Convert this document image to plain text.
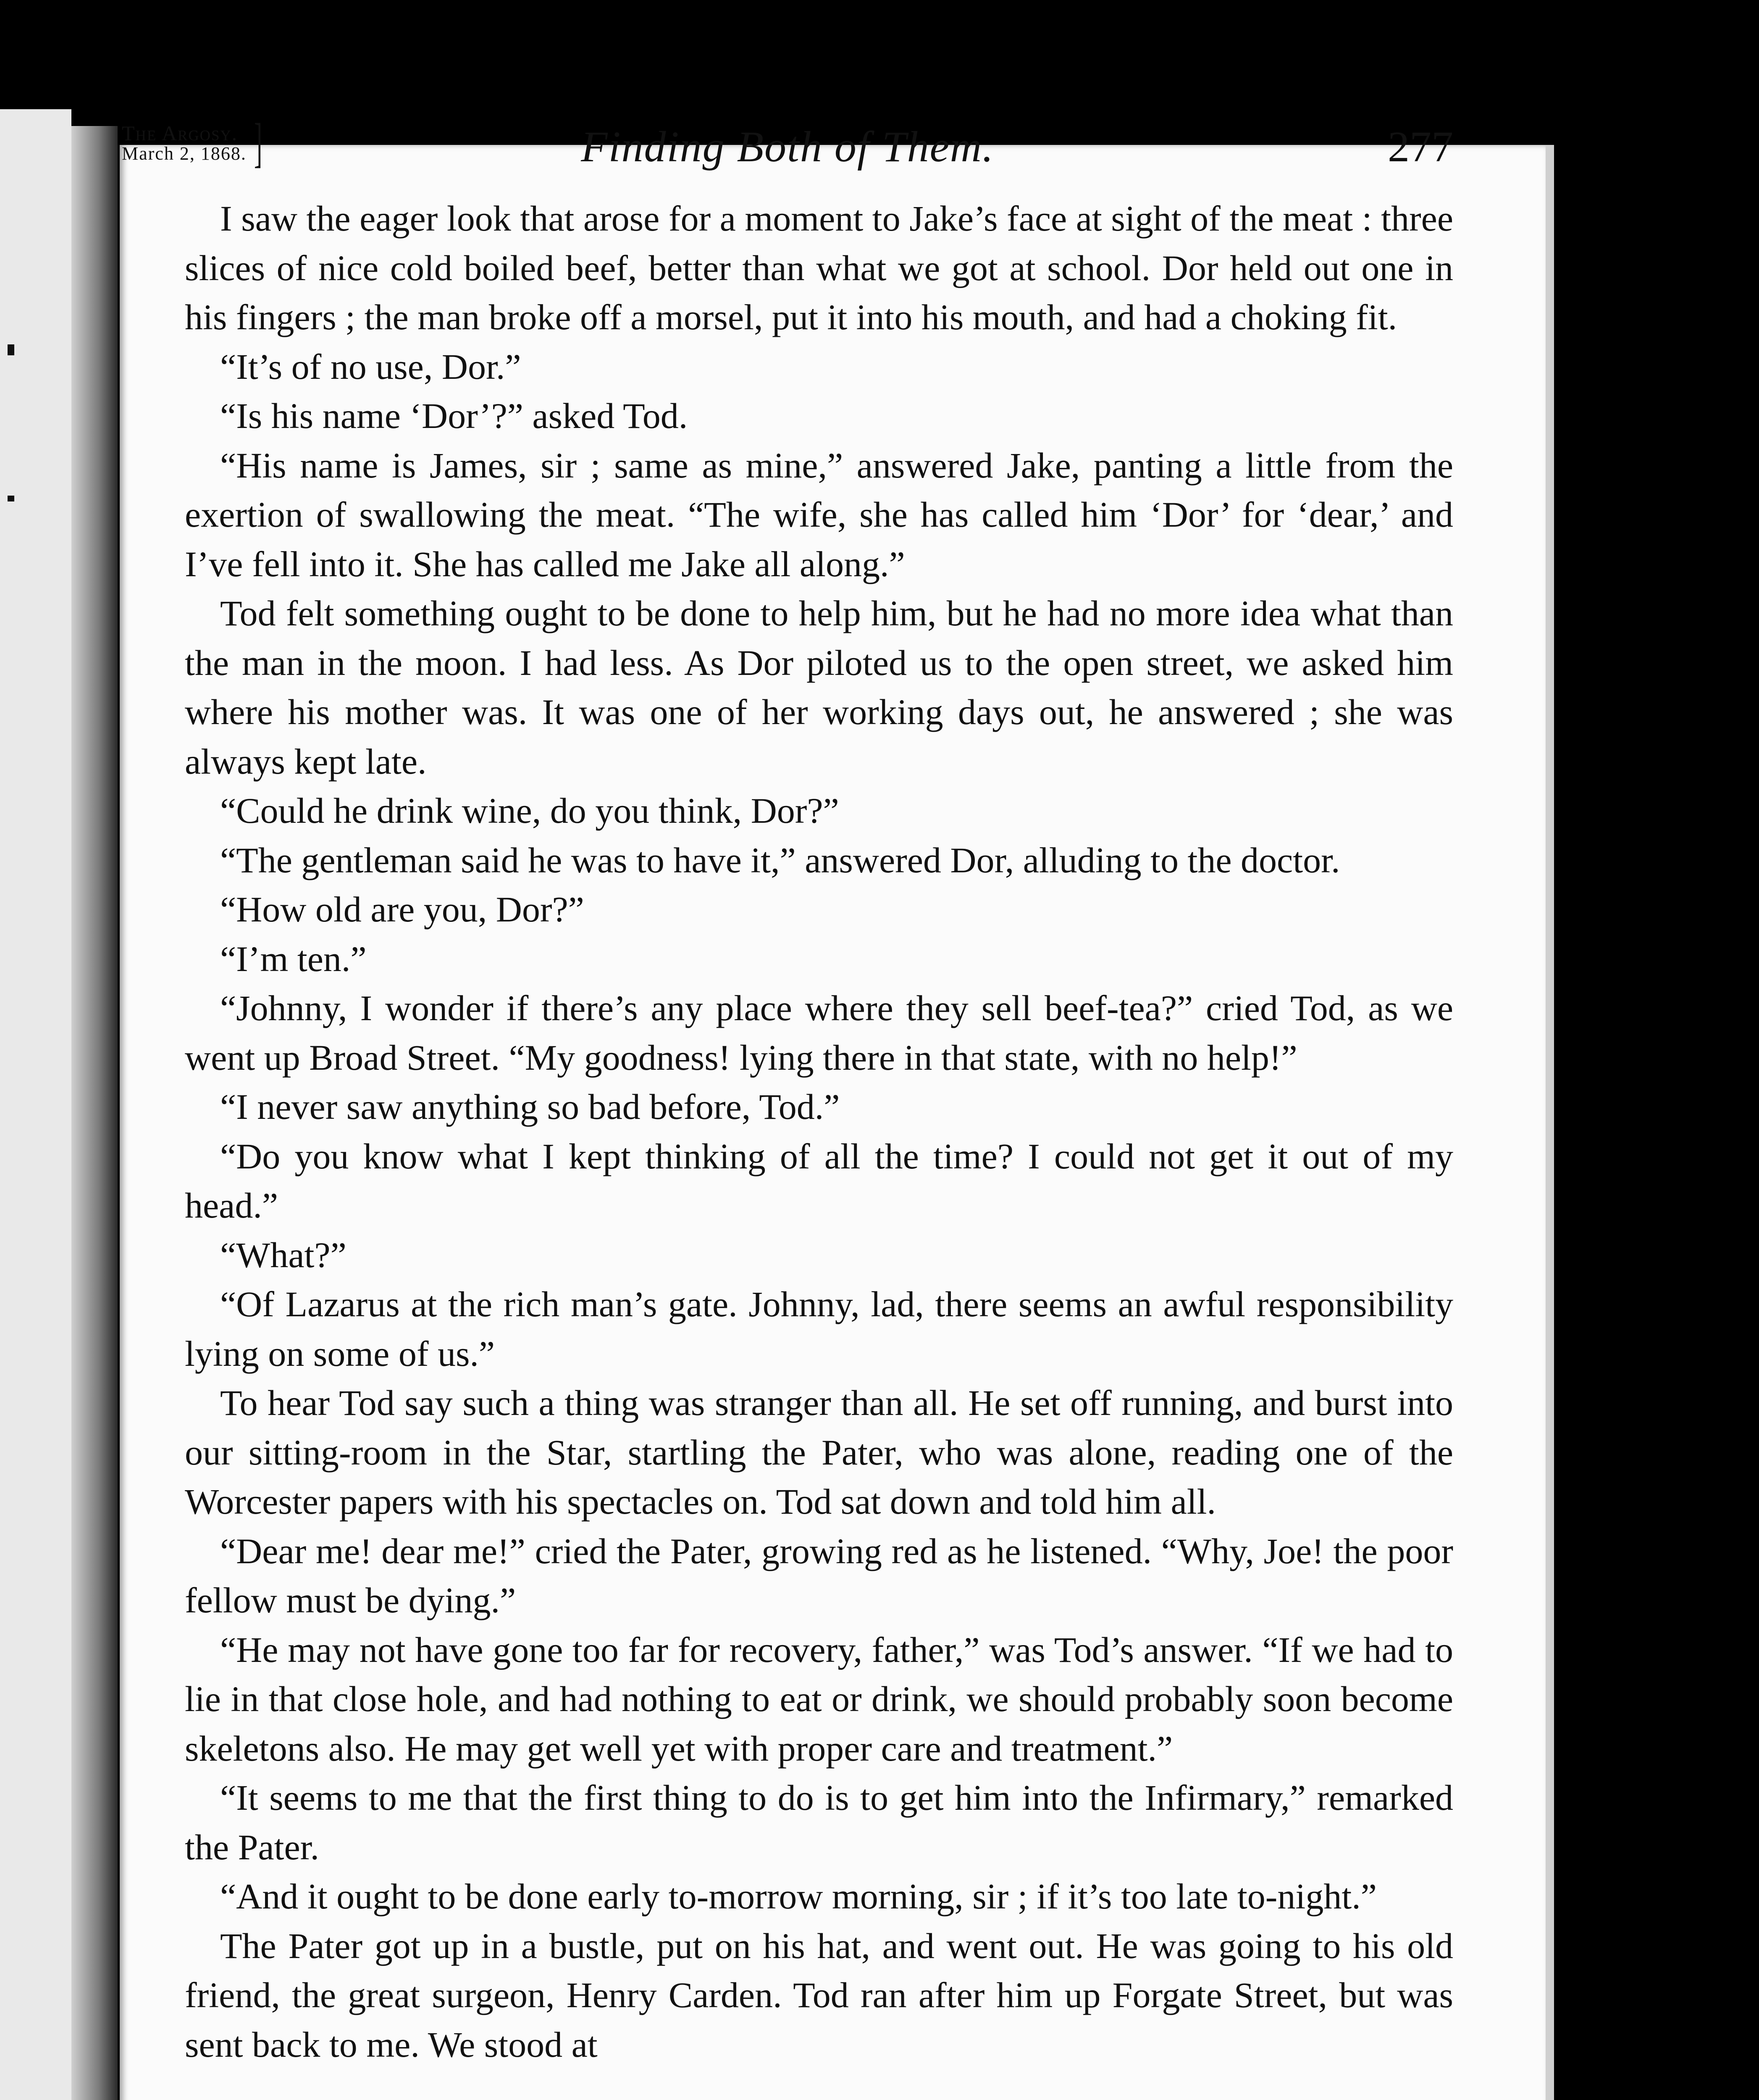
The Argosy.
March 2, 1868. ]	Finding Both of Them.	277

I saw the eager look that arose for a moment to Jake’s face at sight of the meat : three slices of nice cold boiled beef, better than what we got at school. Dor held out one in his fingers ; the man broke off a morsel, put it into his mouth, and had a choking fit.

“It’s of no use, Dor.”

“Is his name ‘Dor’?” asked Tod.

“His name is James, sir ; same as mine,” answered Jake, panting a little from the exertion of swallowing the meat. “The wife, she has called him ‘Dor’ for ‘dear,’ and I’ve fell into it. She has called me Jake all along.”

Tod felt something ought to be done to help him, but he had no more idea what than the man in the moon. I had less. As Dor piloted us to the open street, we asked him where his mother was. It was one of her working days out, he answered ; she was always kept late.

“Could he drink wine, do you think, Dor?”

“The gentleman said he was to have it,” answered Dor, alluding to the doctor.

“How old are you, Dor?”

“I’m ten.”

“Johnny, I wonder if there’s any place where they sell beef-tea?” cried Tod, as we went up Broad Street. “My goodness! lying there in that state, with no help!”

“I never saw anything so bad before, Tod.”

“Do you know what I kept thinking of all the time? I could not get it out of my head.”

“What?”

“Of Lazarus at the rich man’s gate. Johnny, lad, there seems an awful responsibility lying on some of us.”

To hear Tod say such a thing was stranger than all. He set off running, and burst into our sitting-room in the Star, startling the Pater, who was alone, reading one of the Worcester papers with his spectacles on. Tod sat down and told him all.

“Dear me! dear me!” cried the Pater, growing red as he listened. “Why, Joe! the poor fellow must be dying.”

“He may not have gone too far for recovery, father,” was Tod’s answer. “If we had to lie in that close hole, and had nothing to eat or drink, we should probably soon become skeletons also. He may get well yet with proper care and treatment.”

“It seems to me that the first thing to do is to get him into the Infirmary,” remarked the Pater.

“And it ought to be done early to-morrow morning, sir ; if it’s too late to-night.”

The Pater got up in a bustle, put on his hat, and went out. He was going to his old friend, the great surgeon, Henry Carden. Tod ran after him up Forgate Street, but was sent back to me. We stood at
